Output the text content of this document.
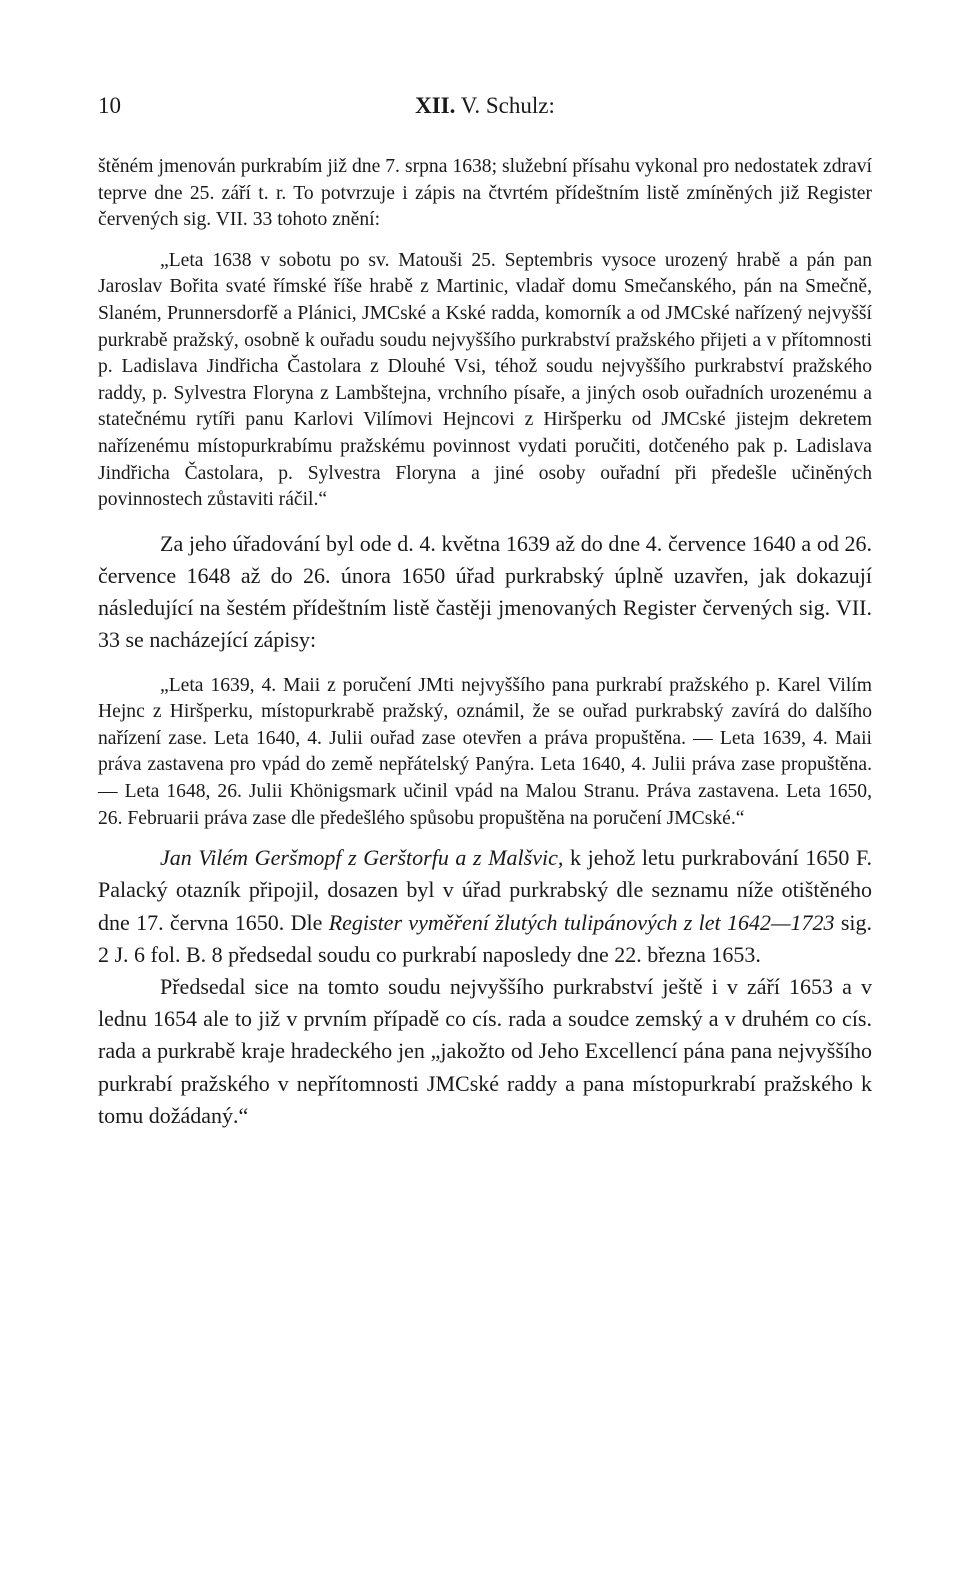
10	XII. V. Schulz:

štěném jmenován purkrabím již dne 7. srpna 1638; služební přísahu vykonal pro nedostatek zdraví teprve dne 25. září t. r. To potvrzuje i zápis na čtvrtém přídeštním listě zmíněných již Register červených sig. VII. 33 tohoto znění:

„Leta 1638 v sobotu po sv. Matouši 25. Septembris vysoce urozený hrabě a pán pan Jaroslav Bořita svaté římské říše hrabě z Martinic, vladař domu Smečanského, pán na Smečně, Slaném, Prunnersdorfě a Plánici, JMCské a Kské radda, komorník a od JMCské nařízený nejvyšší purkrabě pražský, osobně k ouřadu soudu nejvyššího purkrabství pražského přijeti a v přítomnosti p. Ladislava Jindřicha Častolara z Dlouhé Vsi, téhož soudu nejvyššího purkrabství pražského raddy, p. Sylvestra Floryna z Lambštejna, vrchního písaře, a jiných osob ouřadních urozenému a statečnému rytíři panu Karlovi Vilímovi Hejncovi z Hiršperku od JMCské jistejm dekretem nařízenému místopurkrabímu pražskému povinnost vydati poručiti, dotčeného pak p. Ladislava Jindřicha Častolara, p. Sylvestra Floryna a jiné osoby ouřadní při předešle učiněných povinnostech zůstaviti ráčil.“

Za jeho úřadování byl ode d. 4. května 1639 až do dne 4. července 1640 a od 26. července 1648 až do 26. února 1650 úřad purkrabský úplně uzavřen, jak dokazují následující na šestém přídeštním listě častěji jmenovaných Register červených sig. VII. 33 se nacházející zápisy:

„Leta 1639, 4. Maii z poručení JMti nejvyššího pana purkrabí pražského p. Karel Vilím Hejnc z Hiršperku, místopurkrabě pražský, oznámil, že se ouřad purkrabský zavírá do dalšího nařízení zase. Leta 1640, 4. Julii ouřad zase otevřen a práva propuštěna. — Leta 1639, 4. Maii práva zastavena pro vpád do země nepřátelský Panýra. Leta 1640, 4. Julii práva zase propuštěna. — Leta 1648, 26. Julii Khönigsmark učinil vpád na Malou Stranu. Práva zastavena. Leta 1650, 26. Februarii práva zase dle předešlého spůsobu propuštěna na poručení JMCské.“

Jan Vilém Geršторf z Gerštorfu a z Malšvic, k jehož letu purkrabování 1650 F. Palacký otazník připojil, dosazen byl v úřad purkrabský dle seznamu níže otištěného dne 17. června 1650. Dle Register vyměření žlutých tulipánových z let 1642—1723 sig. 2 J. 6 fol. B. 8 předsedal soudu co purkrabí naposledy dne 22. března 1653.

Předsedal sice na tomto soudu nejvyššího purkrabství ještě i v září 1653 a v lednu 1654 ale to již v prvním případě co cís. rada a soudce zemský a v druhém co cís. rada a purkrabě kraje hradeckého jen „jakožto od Jeho Excellencí pána pana nejvyššího purkrabí pražského v nepřítomnosti JMCské raddy a pana místopurkrabí pražského k tomu dožádaný.“
